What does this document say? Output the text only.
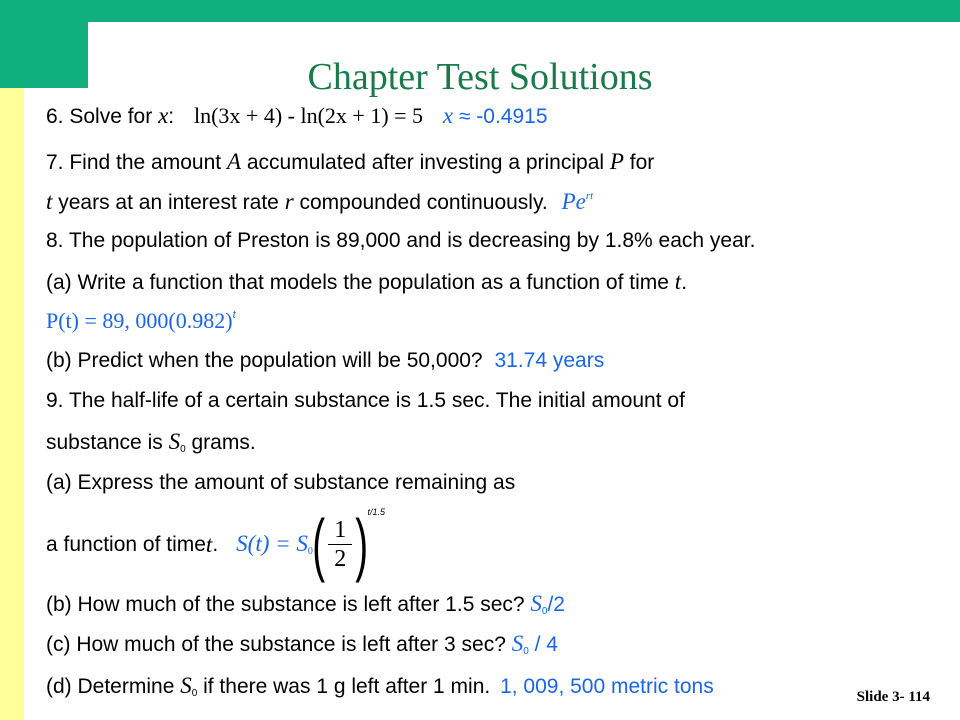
Chapter Test Solutions
6. Solve for x: ln(3x + 4) - ln(2x + 1) = 5 x ≈ -0.4915
7. Find the amount A accumulated after investing a principal P for
t years at an interest rate r compounded continuously. $Pe^{rt}$
8. The population of Preston is 89,000 and is decreasing by 1.8% each year.
(a) Write a function that models the population as a function of time t.
P(t) = 89, $000(0.982)^t$
(b) Predict when the population will be 50,000? 31.74 years
9. The half-life of a certain substance is 1.5 sec. The initial amount of
substance is $S_0$ grams.
(a) Express the amount of substance remaining as
a function of time t . $S(t) = S_0$ ( $\frac{1}{2}$ ) t/1.5
(b) How much of the substance is left after 1.5 sec? $S_0/2$
(c) How much of the substance is left after 3 sec? $S_0 / 4$
(d) Determine $S_0$ if there was 1 g left after 1 min. 1, 009, 500 metric tons	Slide 3- 114
